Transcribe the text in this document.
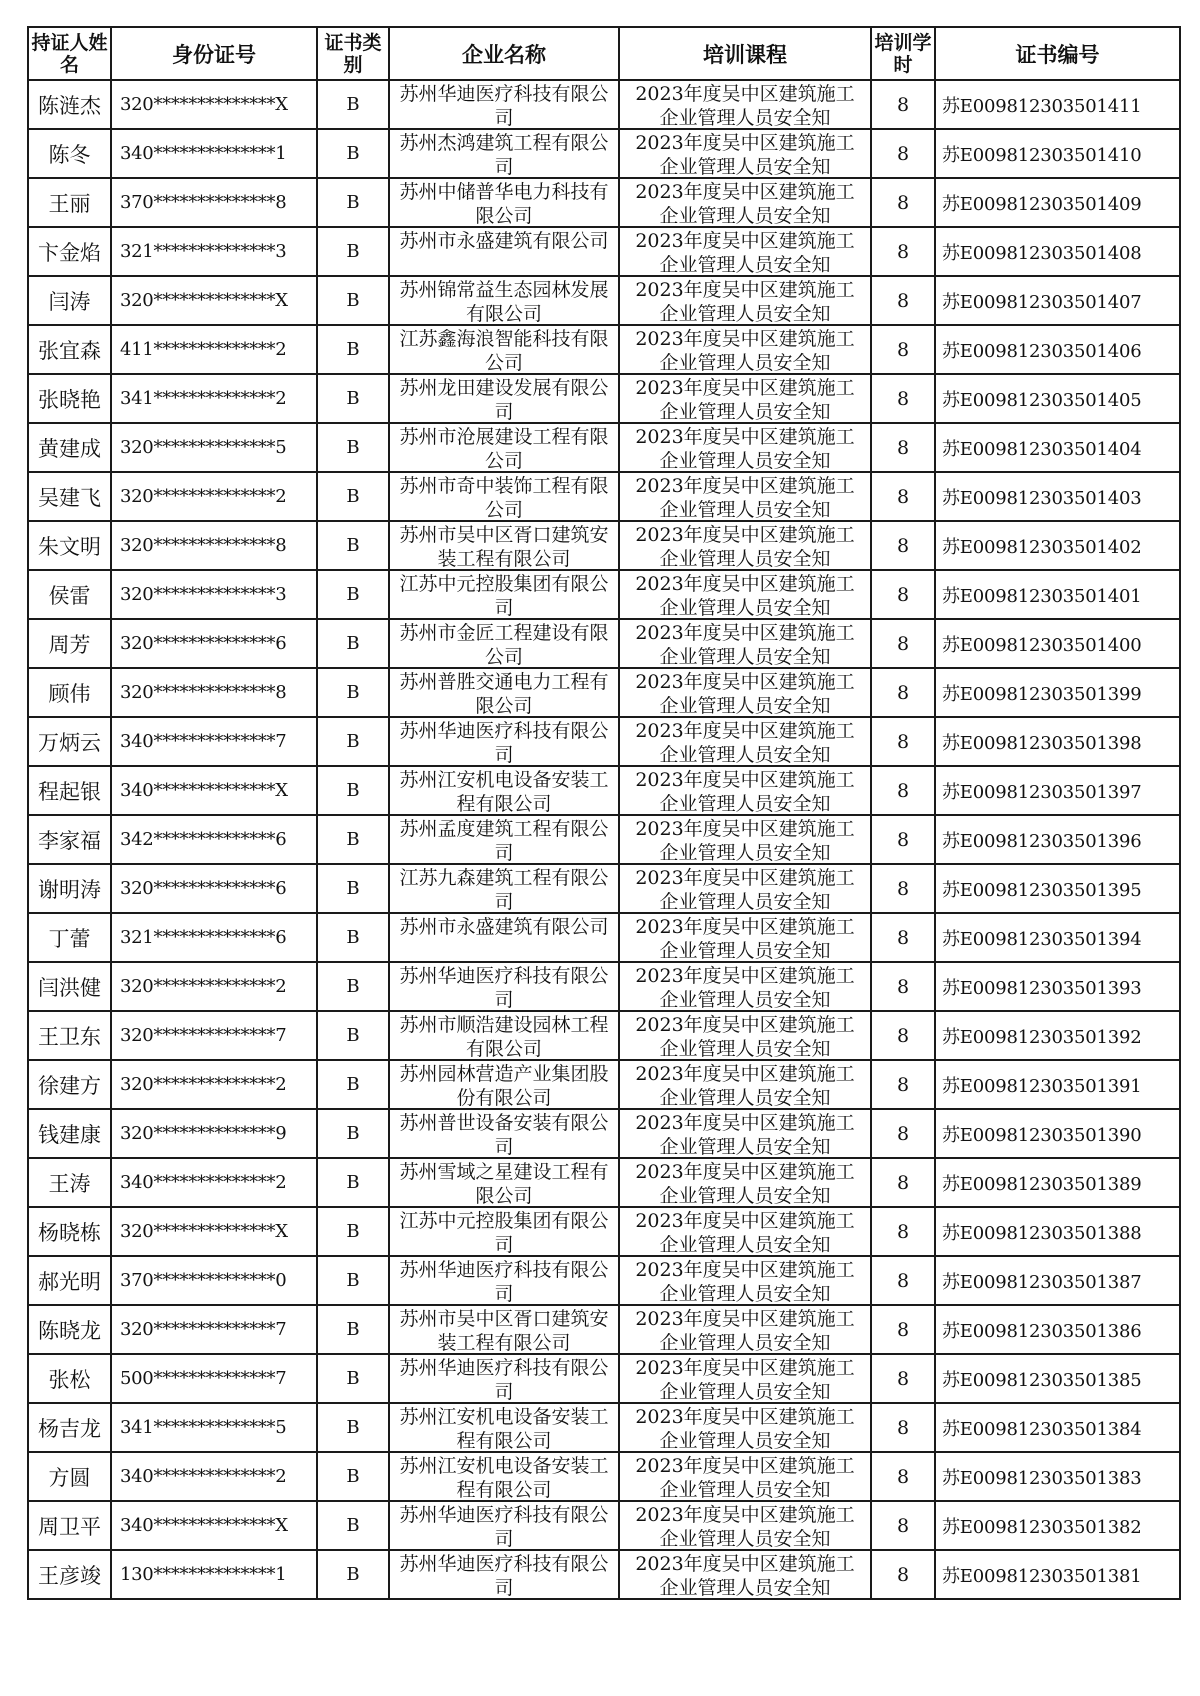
持证人姓名	身份证号	证书类别	企业名称	培训课程	培训学时	证书编号
陈涟杰	320**************X	B	苏州华迪医疗科技有限公司	2023年度吴中区建筑施工企业管理人员安全知	8	苏E009812303501411
陈冬	340**************1	B	苏州杰鸿建筑工程有限公司	2023年度吴中区建筑施工企业管理人员安全知	8	苏E009812303501410
王丽	370**************8	B	苏州中储普华电力科技有限公司	2023年度吴中区建筑施工企业管理人员安全知	8	苏E009812303501409
卞金焰	321**************3	B	苏州市永盛建筑有限公司	2023年度吴中区建筑施工企业管理人员安全知	8	苏E009812303501408
闫涛	320**************X	B	苏州锦常益生态园林发展有限公司	2023年度吴中区建筑施工企业管理人员安全知	8	苏E009812303501407
张宜森	411**************2	B	江苏鑫海浪智能科技有限公司	2023年度吴中区建筑施工企业管理人员安全知	8	苏E009812303501406
张晓艳	341**************2	B	苏州龙田建设发展有限公司	2023年度吴中区建筑施工企业管理人员安全知	8	苏E009812303501405
黄建成	320**************5	B	苏州市沧展建设工程有限公司	2023年度吴中区建筑施工企业管理人员安全知	8	苏E009812303501404
吴建飞	320**************2	B	苏州市奇中装饰工程有限公司	2023年度吴中区建筑施工企业管理人员安全知	8	苏E009812303501403
朱文明	320**************8	B	苏州市吴中区胥口建筑安装工程有限公司	2023年度吴中区建筑施工企业管理人员安全知	8	苏E009812303501402
侯雷	320**************3	B	江苏中元控股集团有限公司	2023年度吴中区建筑施工企业管理人员安全知	8	苏E009812303501401
周芳	320**************6	B	苏州市金匠工程建设有限公司	2023年度吴中区建筑施工企业管理人员安全知	8	苏E009812303501400
顾伟	320**************8	B	苏州普胜交通电力工程有限公司	2023年度吴中区建筑施工企业管理人员安全知	8	苏E009812303501399
万炳云	340**************7	B	苏州华迪医疗科技有限公司	2023年度吴中区建筑施工企业管理人员安全知	8	苏E009812303501398
程起银	340**************X	B	苏州江安机电设备安装工程有限公司	2023年度吴中区建筑施工企业管理人员安全知	8	苏E009812303501397
李家福	342**************6	B	苏州孟度建筑工程有限公司	2023年度吴中区建筑施工企业管理人员安全知	8	苏E009812303501396
谢明涛	320**************6	B	江苏九森建筑工程有限公司	2023年度吴中区建筑施工企业管理人员安全知	8	苏E009812303501395
丁蕾	321**************6	B	苏州市永盛建筑有限公司	2023年度吴中区建筑施工企业管理人员安全知	8	苏E009812303501394
闫洪健	320**************2	B	苏州华迪医疗科技有限公司	2023年度吴中区建筑施工企业管理人员安全知	8	苏E009812303501393
王卫东	320**************7	B	苏州市顺浩建设园林工程有限公司	2023年度吴中区建筑施工企业管理人员安全知	8	苏E009812303501392
徐建方	320**************2	B	苏州园林营造产业集团股份有限公司	2023年度吴中区建筑施工企业管理人员安全知	8	苏E009812303501391
钱建康	320**************9	B	苏州普世设备安装有限公司	2023年度吴中区建筑施工企业管理人员安全知	8	苏E009812303501390
王涛	340**************2	B	苏州雪域之星建设工程有限公司	2023年度吴中区建筑施工企业管理人员安全知	8	苏E009812303501389
杨晓栋	320**************X	B	江苏中元控股集团有限公司	2023年度吴中区建筑施工企业管理人员安全知	8	苏E009812303501388
郝光明	370**************0	B	苏州华迪医疗科技有限公司	2023年度吴中区建筑施工企业管理人员安全知	8	苏E009812303501387
陈晓龙	320**************7	B	苏州市吴中区胥口建筑安装工程有限公司	2023年度吴中区建筑施工企业管理人员安全知	8	苏E009812303501386
张松	500**************7	B	苏州华迪医疗科技有限公司	2023年度吴中区建筑施工企业管理人员安全知	8	苏E009812303501385
杨吉龙	341**************5	B	苏州江安机电设备安装工程有限公司	2023年度吴中区建筑施工企业管理人员安全知	8	苏E009812303501384
方圆	340**************2	B	苏州江安机电设备安装工程有限公司	2023年度吴中区建筑施工企业管理人员安全知	8	苏E009812303501383
周卫平	340**************X	B	苏州华迪医疗科技有限公司	2023年度吴中区建筑施工企业管理人员安全知	8	苏E009812303501382
王彦竣	130**************1	B	苏州华迪医疗科技有限公司	2023年度吴中区建筑施工企业管理人员安全知	8	苏E009812303501381
